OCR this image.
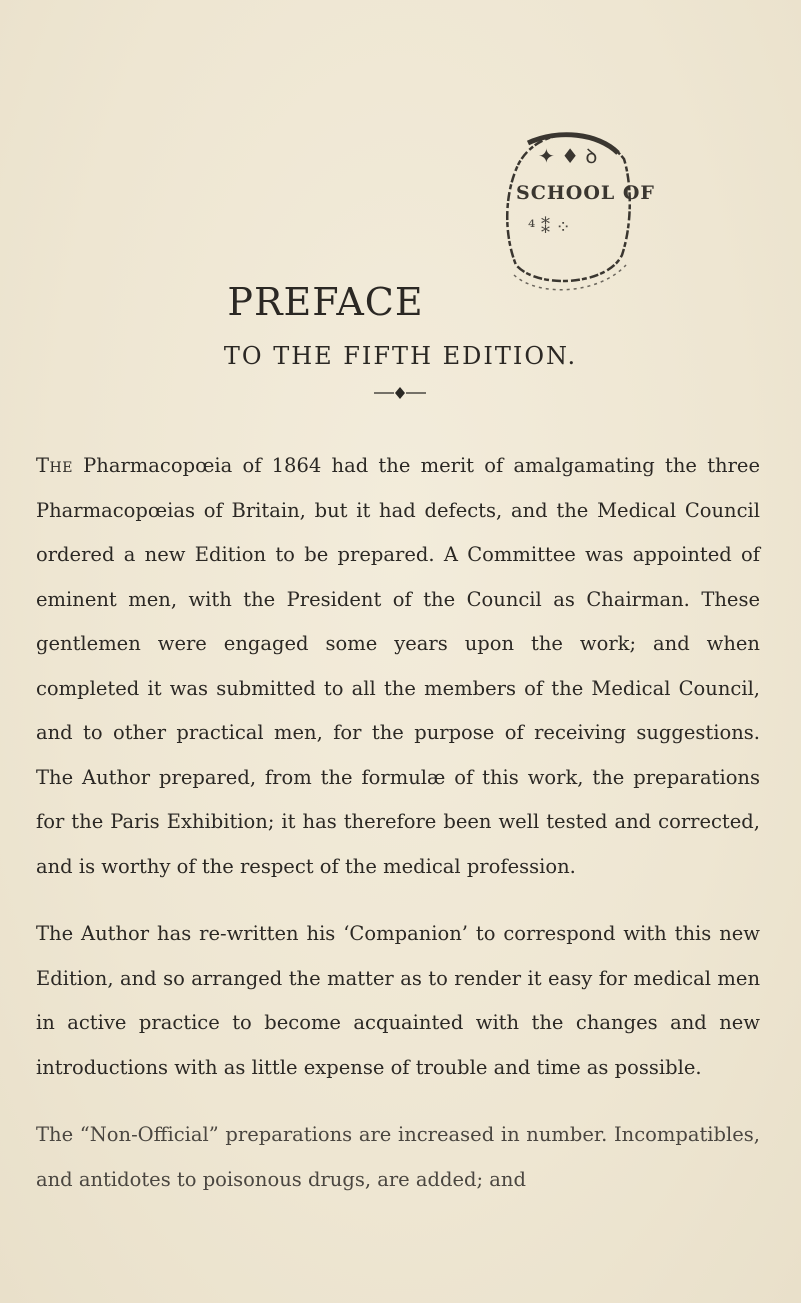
✦ ♦ ꝺ
⁴ ⁑ ⁘
SCHOOL OF
PREFACE
TO THE FIFTH EDITION.

The Pharmacopœia of 1864 had the merit of amalgamating the three Pharmacopœias of Britain, but it had defects, and the Medical Council ordered a new Edition to be prepared. A Committee was appointed of eminent men, with the President of the Council as Chairman. These gentlemen were engaged some years upon the work; and when completed it was submitted to all the members of the Medical Council, and to other practical men, for the purpose of receiving suggestions. The Author prepared, from the formulæ of this work, the preparations for the Paris Exhibition; it has therefore been well tested and corrected, and is worthy of the respect of the medical profession.

The Author has re-written his ‘Companion’ to correspond with this new Edition, and so arranged the matter as to render it easy for medical men in active practice to become acquainted with the changes and new introductions with as little expense of trouble and time as possible.

The “Non-Official” preparations are increased in number. Incompatibles, and antidotes to poisonous drugs, are added; and
